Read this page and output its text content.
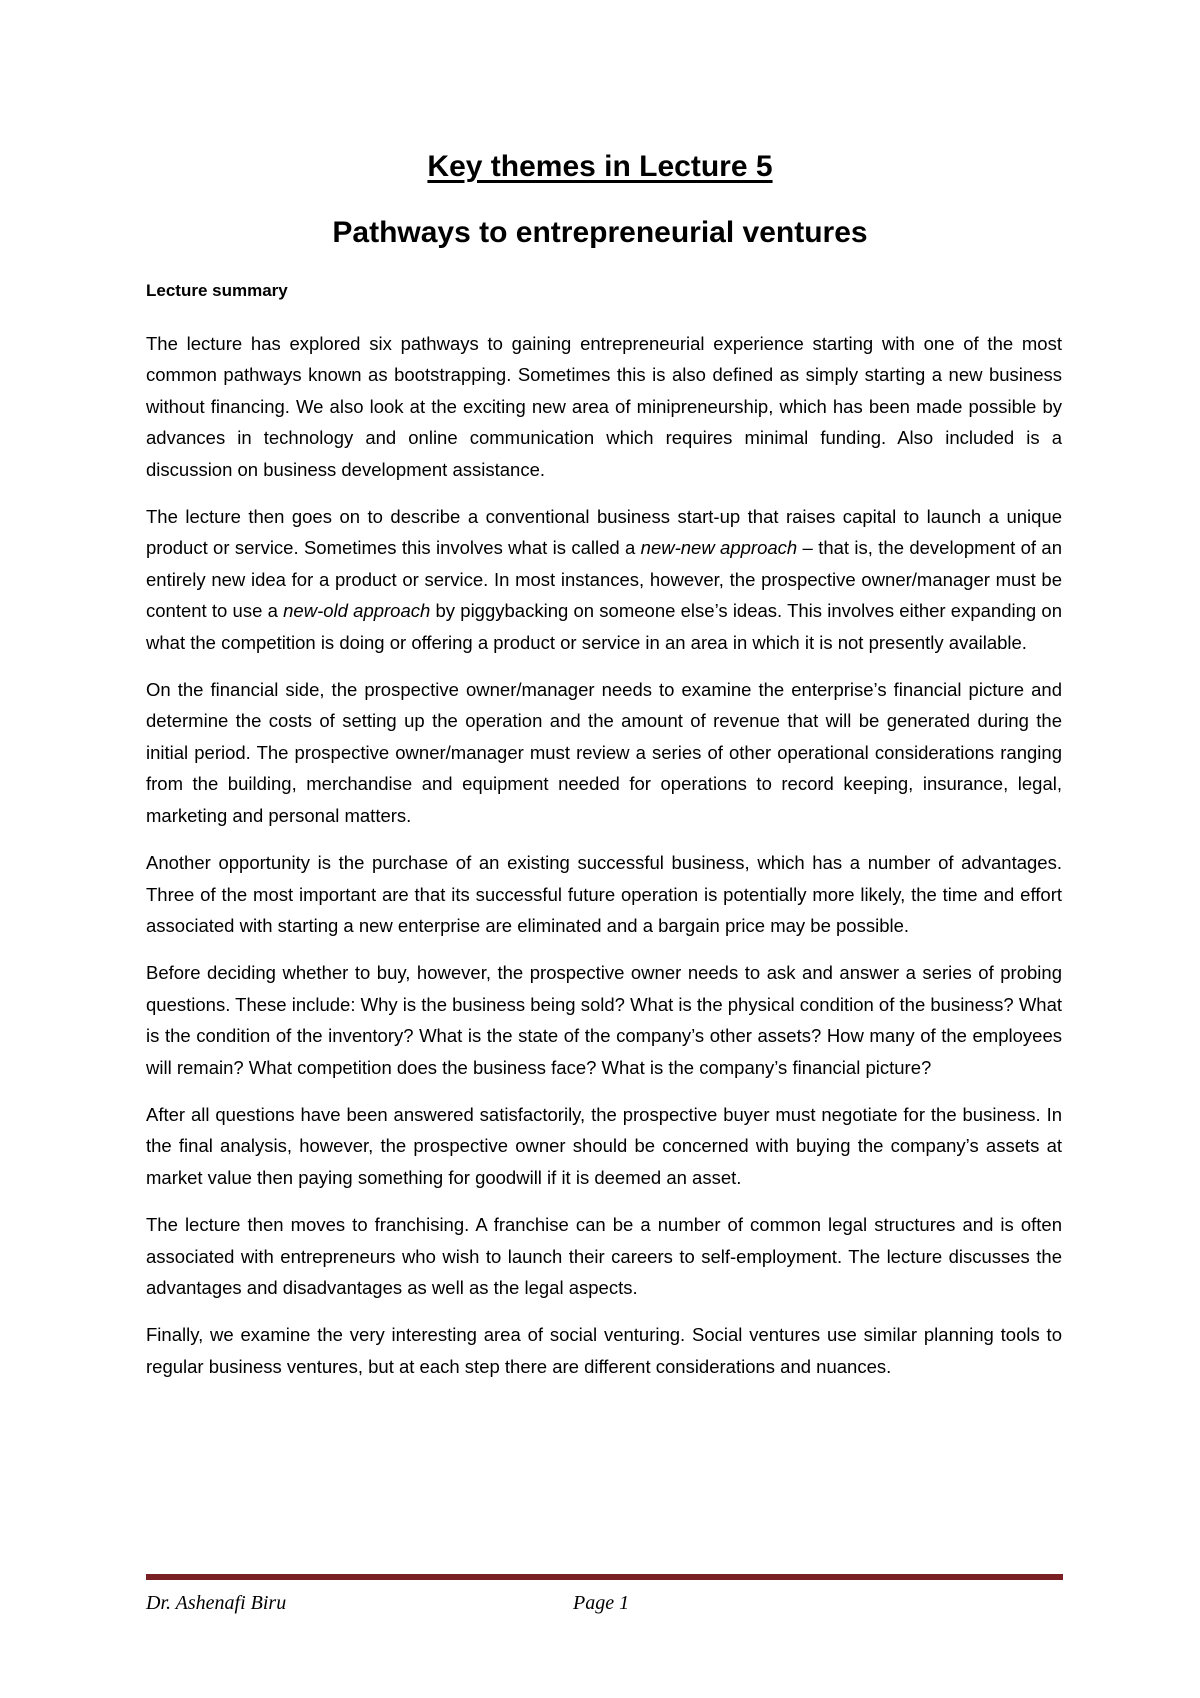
Key themes in Lecture 5
Pathways to entrepreneurial ventures
Lecture summary

The lecture has explored six pathways to gaining entrepreneurial experience starting with one of the most common pathways known as bootstrapping. Sometimes this is also defined as simply starting a new business without financing. We also look at the exciting new area of minipreneurship, which has been made possible by advances in technology and online communication which requires minimal funding. Also included is a discussion on business development assistance.

The lecture then goes on to describe a conventional business start-up that raises capital to launch a unique product or service. Sometimes this involves what is called a new-new approach – that is, the development of an entirely new idea for a product or service. In most instances, however, the prospective owner/manager must be content to use a new-old approach by piggybacking on someone else’s ideas. This involves either expanding on what the competition is doing or offering a product or service in an area in which it is not presently available.

On the financial side, the prospective owner/manager needs to examine the enterprise’s financial picture and determine the costs of setting up the operation and the amount of revenue that will be generated during the initial period. The prospective owner/manager must review a series of other operational considerations ranging from the building, merchandise and equipment needed for operations to record keeping, insurance, legal, marketing and personal matters.

Another opportunity is the purchase of an existing successful business, which has a number of advantages. Three of the most important are that its successful future operation is potentially more likely, the time and effort associated with starting a new enterprise are eliminated and a bargain price may be possible.

Before deciding whether to buy, however, the prospective owner needs to ask and answer a series of probing questions. These include: Why is the business being sold? What is the physical condition of the business? What is the condition of the inventory? What is the state of the company’s other assets? How many of the employees will remain? What competition does the business face? What is the company’s financial picture?

After all questions have been answered satisfactorily, the prospective buyer must negotiate for the business. In the final analysis, however, the prospective owner should be concerned with buying the company’s assets at market value then paying something for goodwill if it is deemed an asset.

The lecture then moves to franchising. A franchise can be a number of common legal structures and is often associated with entrepreneurs who wish to launch their careers to self-employment. The lecture discusses the advantages and disadvantages as well as the legal aspects.

Finally, we examine the very interesting area of social venturing. Social ventures use similar planning tools to regular business ventures, but at each step there are different considerations and nuances.

Dr. Ashenafi Biru	Page 1
